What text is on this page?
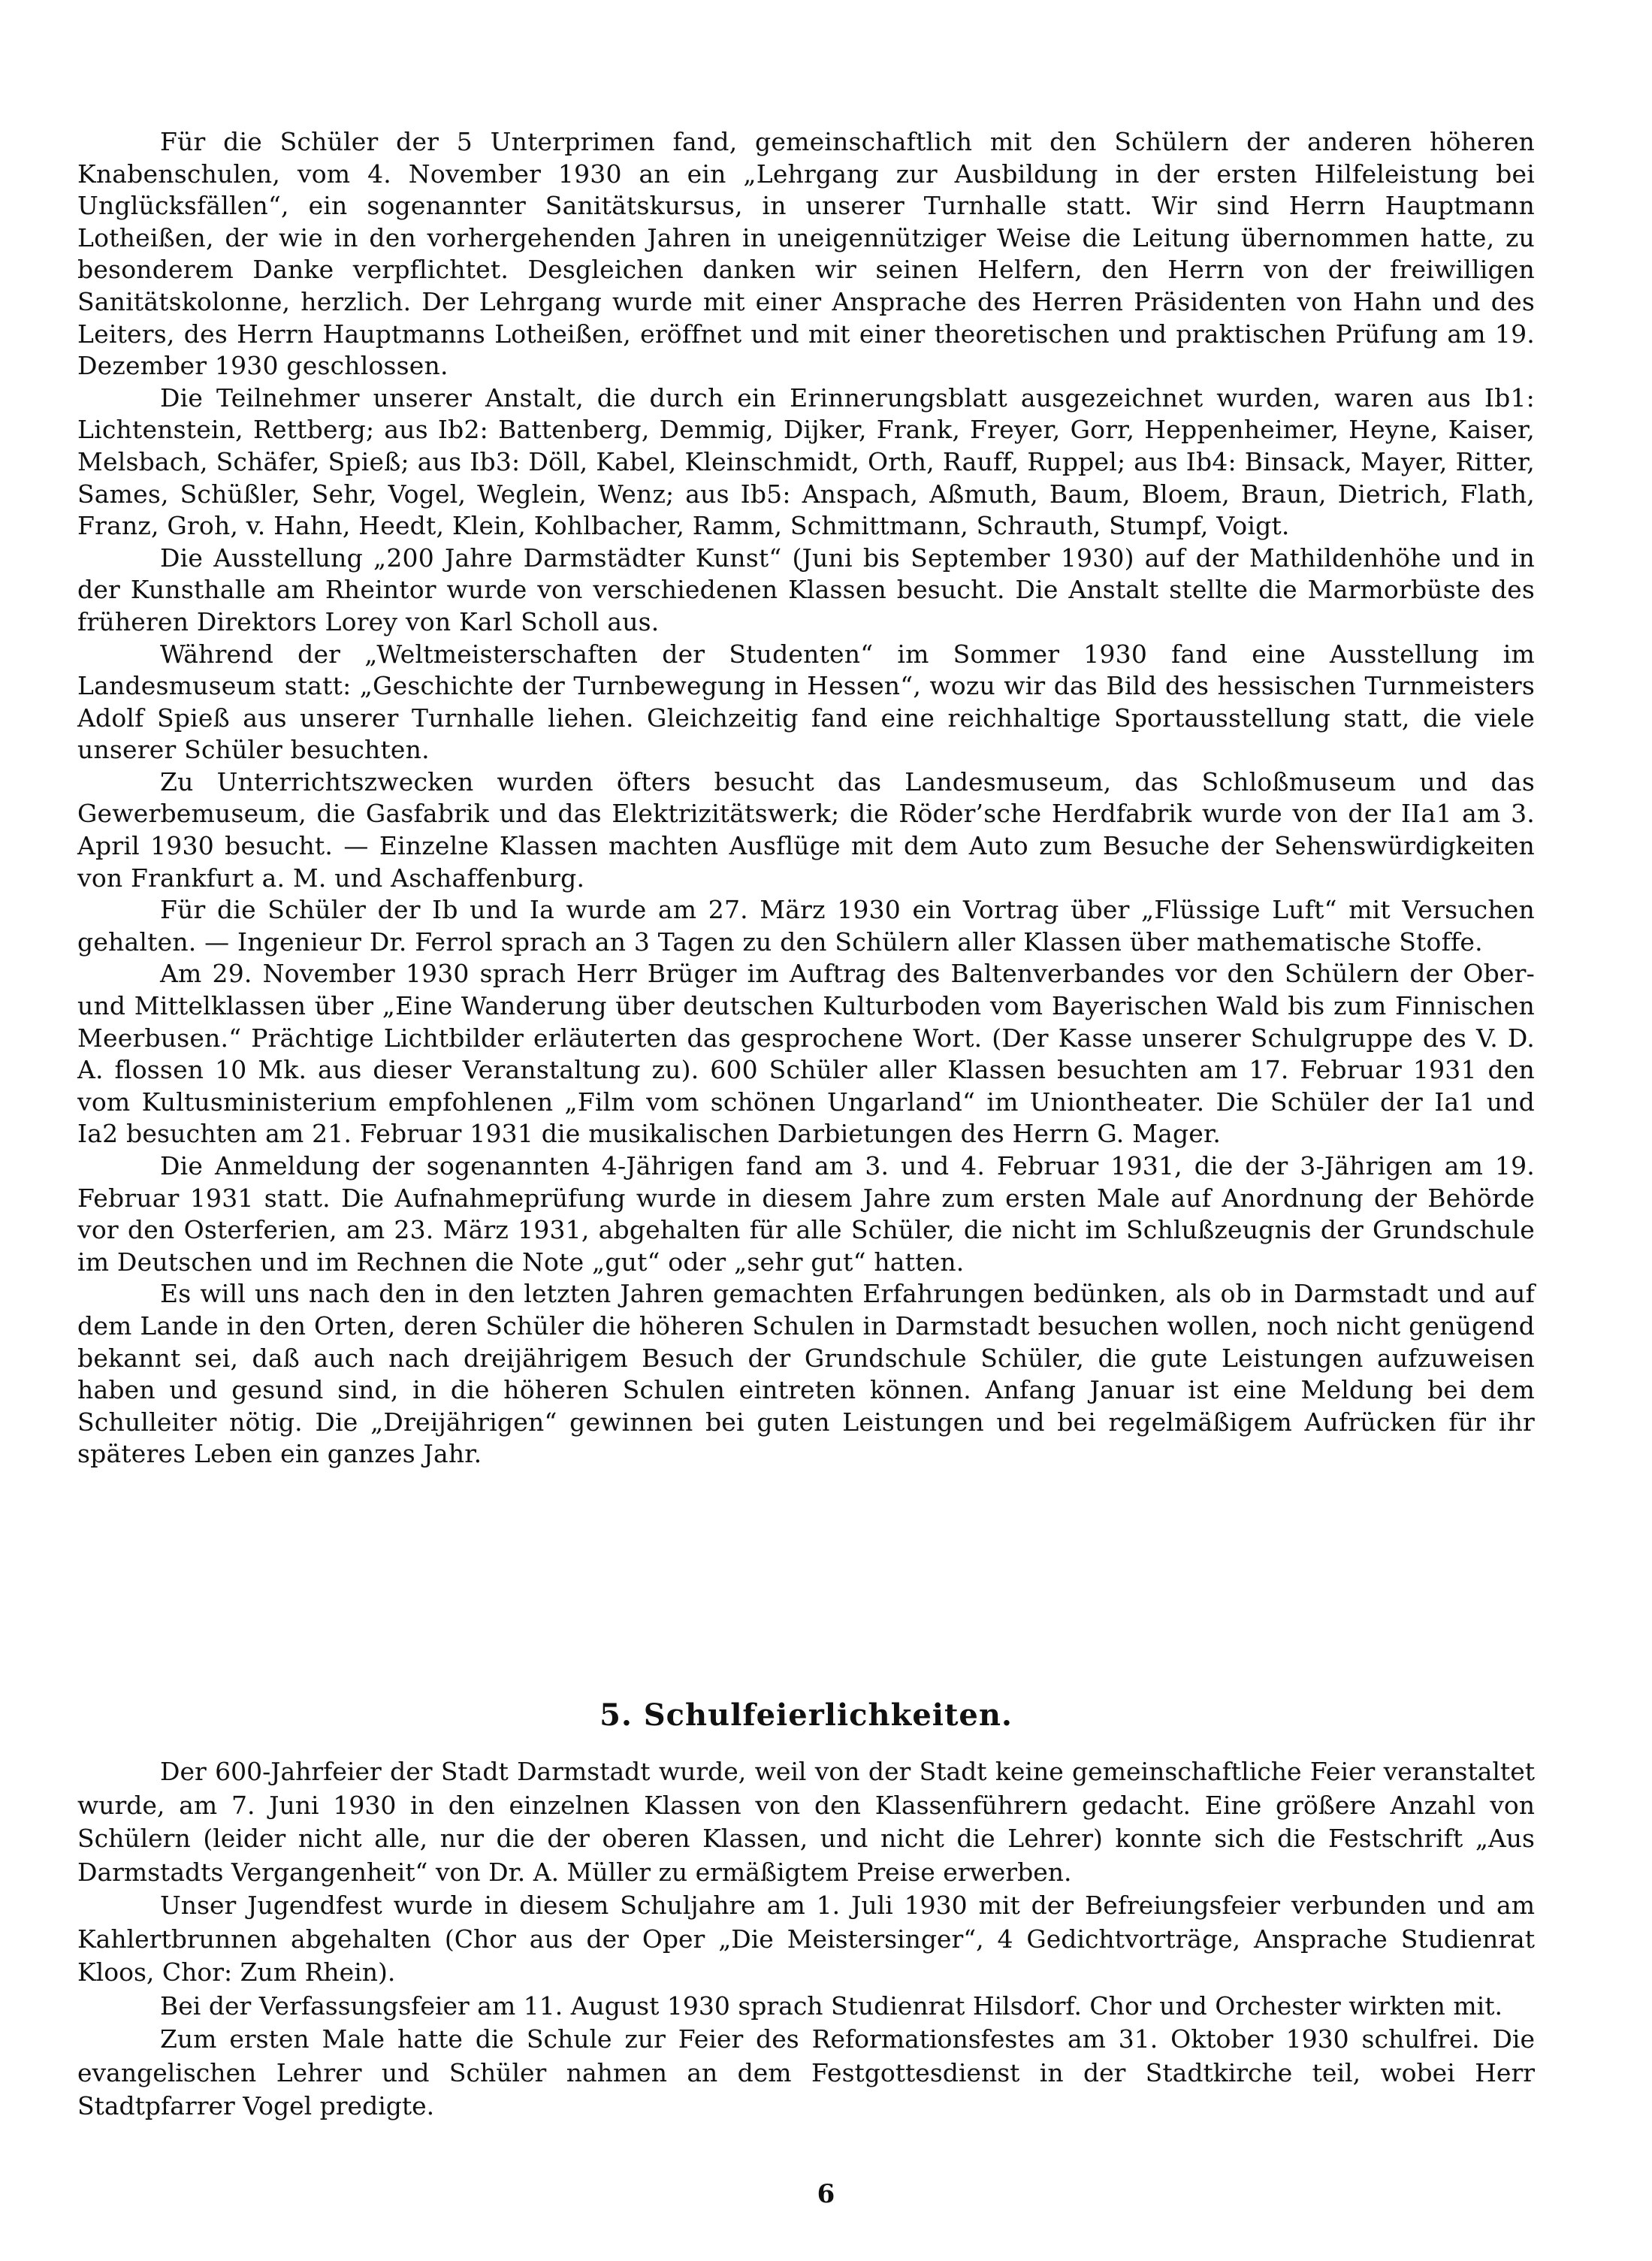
Für die Schüler der 5 Unterprimen fand, gemeinschaftlich mit den Schülern der anderen höheren Knabenschulen, vom 4. November 1930 an ein „Lehrgang zur Ausbildung in der ersten Hilfeleistung bei Unglücksfällen“, ein sogenannter Sanitätskursus, in unserer Turnhalle statt. Wir sind Herrn Hauptmann Lotheißen, der wie in den vorhergehenden Jahren in uneigennütziger Weise die Leitung übernommen hatte, zu besonderem Danke verpflichtet. Desgleichen danken wir seinen Helfern, den Herrn von der freiwilligen Sanitätskolonne, herzlich. Der Lehrgang wurde mit einer Ansprache des Herren Präsidenten von Hahn und des Leiters, des Herrn Hauptmanns Lotheißen, eröffnet und mit einer theoretischen und praktischen Prüfung am 19. Dezember 1930 geschlossen.

Die Teilnehmer unserer Anstalt, die durch ein Erinnerungsblatt ausgezeichnet wurden, waren aus Ib1: Lichtenstein, Rettberg; aus Ib2: Battenberg, Demmig, Dijker, Frank, Freyer, Gorr, Heppenheimer, Heyne, Kaiser, Melsbach, Schäfer, Spieß; aus Ib3: Döll, Kabel, Kleinschmidt, Orth, Rauff, Ruppel; aus Ib4: Binsack, Mayer, Ritter, Sames, Schüßler, Sehr, Vogel, Weglein, Wenz; aus Ib5: Anspach, Aßmuth, Baum, Bloem, Braun, Dietrich, Flath, Franz, Groh, v. Hahn, Heedt, Klein, Kohlbacher, Ramm, Schmittmann, Schrauth, Stumpf, Voigt.

Die Ausstellung „200 Jahre Darmstädter Kunst“ (Juni bis September 1930) auf der Mathildenhöhe und in der Kunsthalle am Rheintor wurde von verschiedenen Klassen besucht. Die Anstalt stellte die Marmorbüste des früheren Direktors Lorey von Karl Scholl aus.

Während der „Weltmeisterschaften der Studenten“ im Sommer 1930 fand eine Ausstellung im Landesmuseum statt: „Geschichte der Turnbewegung in Hessen“, wozu wir das Bild des hessischen Turnmeisters Adolf Spieß aus unserer Turnhalle liehen. Gleichzeitig fand eine reichhaltige Sportausstellung statt, die viele unserer Schüler besuchten.

Zu Unterrichtszwecken wurden öfters besucht das Landesmuseum, das Schloßmuseum und das Gewerbemuseum, die Gasfabrik und das Elektrizitätswerk; die Röder’sche Herdfabrik wurde von der IIa1 am 3. April 1930 besucht. — Einzelne Klassen machten Ausflüge mit dem Auto zum Besuche der Sehenswürdigkeiten von Frankfurt a. M. und Aschaffenburg.

Für die Schüler der Ib und Ia wurde am 27. März 1930 ein Vortrag über „Flüssige Luft“ mit Versuchen gehalten. — Ingenieur Dr. Ferrol sprach an 3 Tagen zu den Schülern aller Klassen über mathematische Stoffe.

Am 29. November 1930 sprach Herr Brüger im Auftrag des Baltenverbandes vor den Schülern der Ober- und Mittelklassen über „Eine Wanderung über deutschen Kulturboden vom Bayerischen Wald bis zum Finnischen Meerbusen.“ Prächtige Lichtbilder erläuterten das gesprochene Wort. (Der Kasse unserer Schulgruppe des V. D. A. flossen 10 Mk. aus dieser Veranstaltung zu). 600 Schüler aller Klassen besuchten am 17. Februar 1931 den vom Kultusministerium empfohlenen „Film vom schönen Ungarland“ im Uniontheater. Die Schüler der Ia1 und Ia2 besuchten am 21. Februar 1931 die musikalischen Darbietungen des Herrn G. Mager.

Die Anmeldung der sogenannten 4-Jährigen fand am 3. und 4. Februar 1931, die der 3-Jährigen am 19. Februar 1931 statt. Die Aufnahmeprüfung wurde in diesem Jahre zum ersten Male auf Anordnung der Behörde vor den Osterferien, am 23. März 1931, abgehalten für alle Schüler, die nicht im Schlußzeugnis der Grundschule im Deutschen und im Rechnen die Note „gut“ oder „sehr gut“ hatten.

Es will uns nach den in den letzten Jahren gemachten Erfahrungen bedünken, als ob in Darmstadt und auf dem Lande in den Orten, deren Schüler die höheren Schulen in Darmstadt besuchen wollen, noch nicht genügend bekannt sei, daß auch nach dreijährigem Besuch der Grundschule Schüler, die gute Leistungen aufzuweisen haben und gesund sind, in die höheren Schulen eintreten können. Anfang Januar ist eine Meldung bei dem Schulleiter nötig. Die „Dreijährigen“ gewinnen bei guten Leistungen und bei regelmäßigem Aufrücken für ihr späteres Leben ein ganzes Jahr.

5. Schulfeierlichkeiten.

Der 600-Jahrfeier der Stadt Darmstadt wurde, weil von der Stadt keine gemeinschaftliche Feier veranstaltet wurde, am 7. Juni 1930 in den einzelnen Klassen von den Klassenführern gedacht. Eine größere Anzahl von Schülern (leider nicht alle, nur die der oberen Klassen, und nicht die Lehrer) konnte sich die Festschrift „Aus Darmstadts Vergangenheit“ von Dr. A. Müller zu ermäßigtem Preise erwerben.

Unser Jugendfest wurde in diesem Schuljahre am 1. Juli 1930 mit der Befreiungsfeier verbunden und am Kahlertbrunnen abgehalten (Chor aus der Oper „Die Meistersinger“, 4 Gedichtvorträge, Ansprache Studienrat Kloos, Chor: Zum Rhein).

Bei der Verfassungsfeier am 11. August 1930 sprach Studienrat Hilsdorf. Chor und Orchester wirkten mit.

Zum ersten Male hatte die Schule zur Feier des Reformationsfestes am 31. Oktober 1930 schulfrei. Die evangelischen Lehrer und Schüler nahmen an dem Festgottesdienst in der Stadtkirche teil, wobei Herr Stadtpfarrer Vogel predigte.

6
